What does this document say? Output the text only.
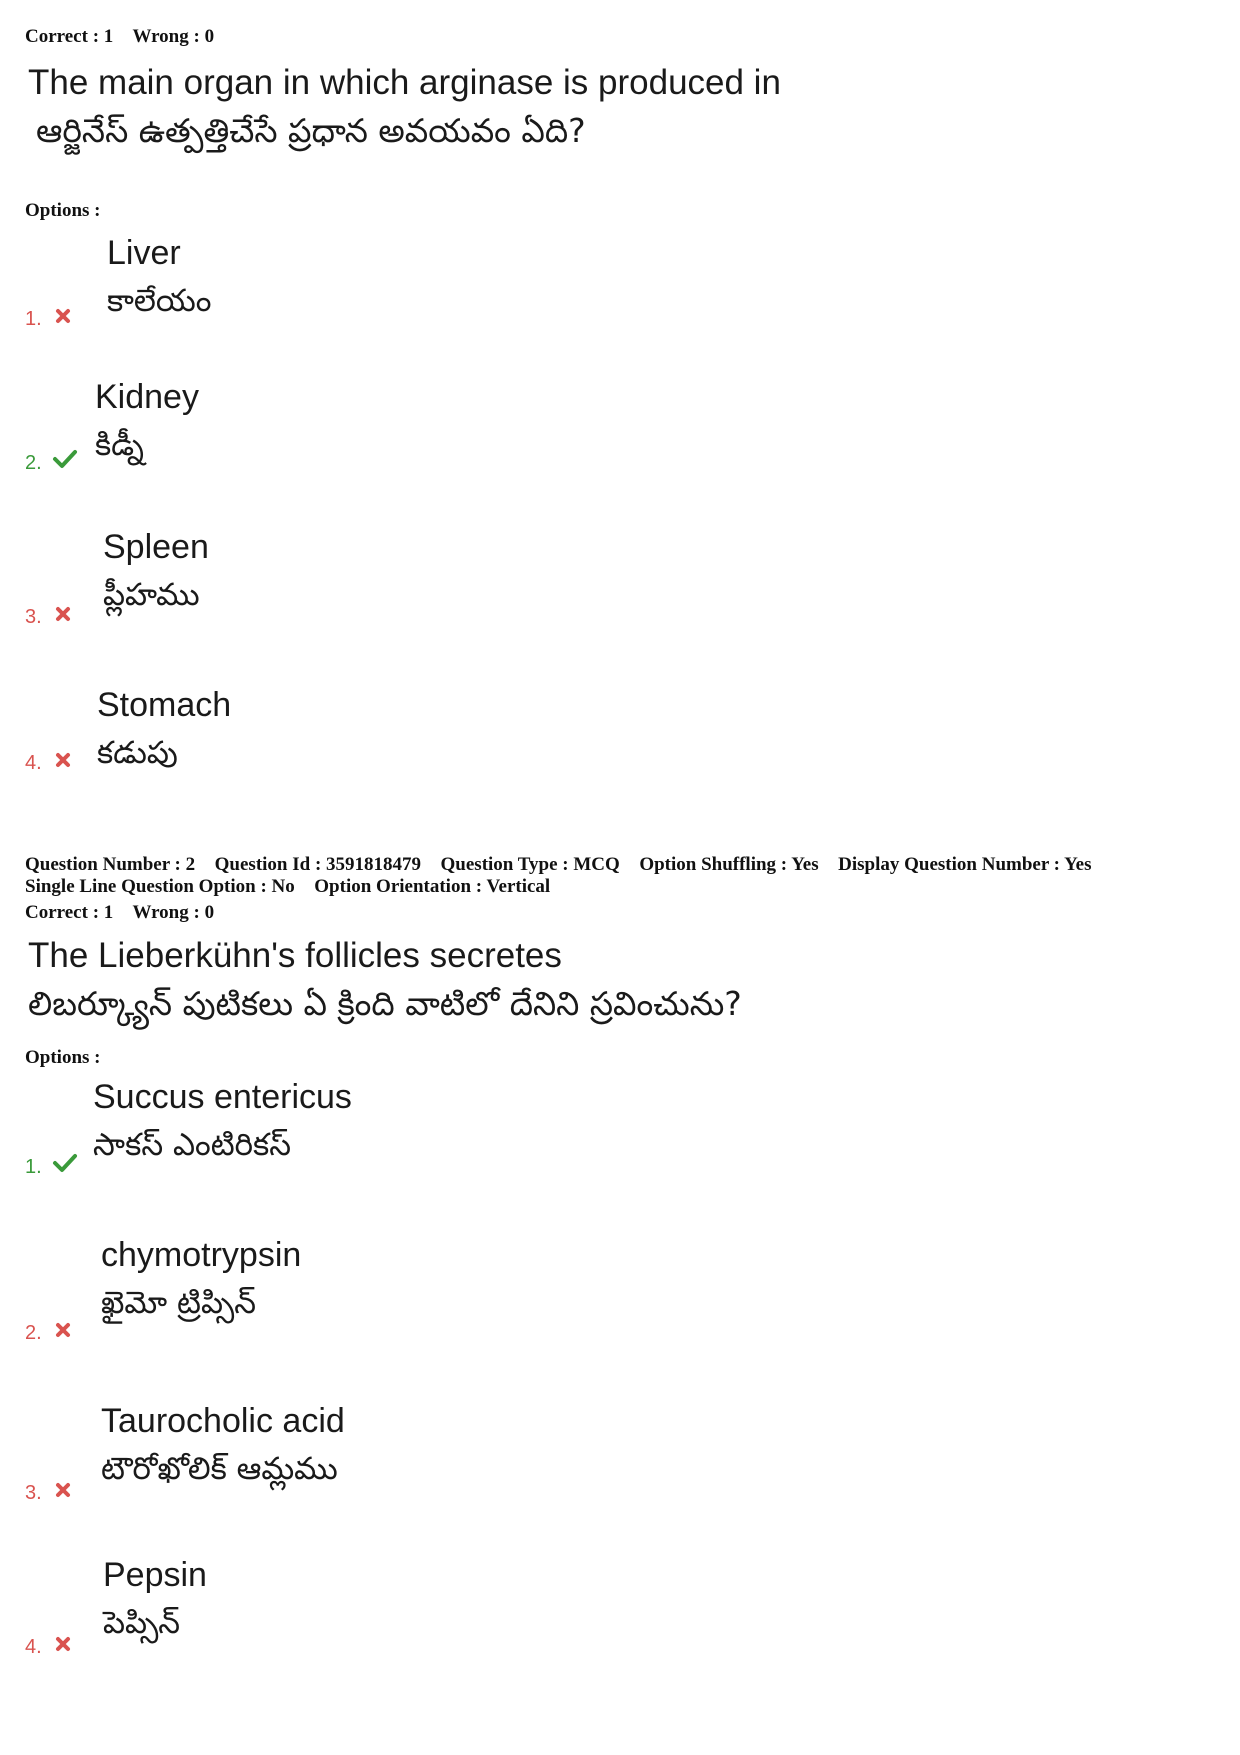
Correct : 1 Wrong : 0
The main organ in which arginase is produced in
ఆర్జినేస్ ఉత్పత్తిచేసే ప్రధాన అవయవం ఏది?
Options :
Liver
కాలేయం
1.
Kidney
కిడ్నీ
2.
Spleen
ప్లీహము
3.
Stomach
కడుపు
4.
Question Number : 2 Question Id : 3591818479 Question Type : MCQ Option Shuffling : Yes Display Question Number : Yes
Single Line Question Option : No Option Orientation : Vertical
Correct : 1 Wrong : 0
The Lieberkühn's follicles secretes
లిబర్క్యూన్ పుటికలు ఏ క్రింది వాటిలో దేనిని స్రవించును?
Options :
Succus entericus
సాకస్ ఎంటిరికస్
1.
chymotrypsin
ఖైమో ట్రిప్సిన్
2.
Taurocholic acid
టౌరోఖోలిక్ ఆమ్లము
3.
Pepsin
పెప్సిన్
4.
